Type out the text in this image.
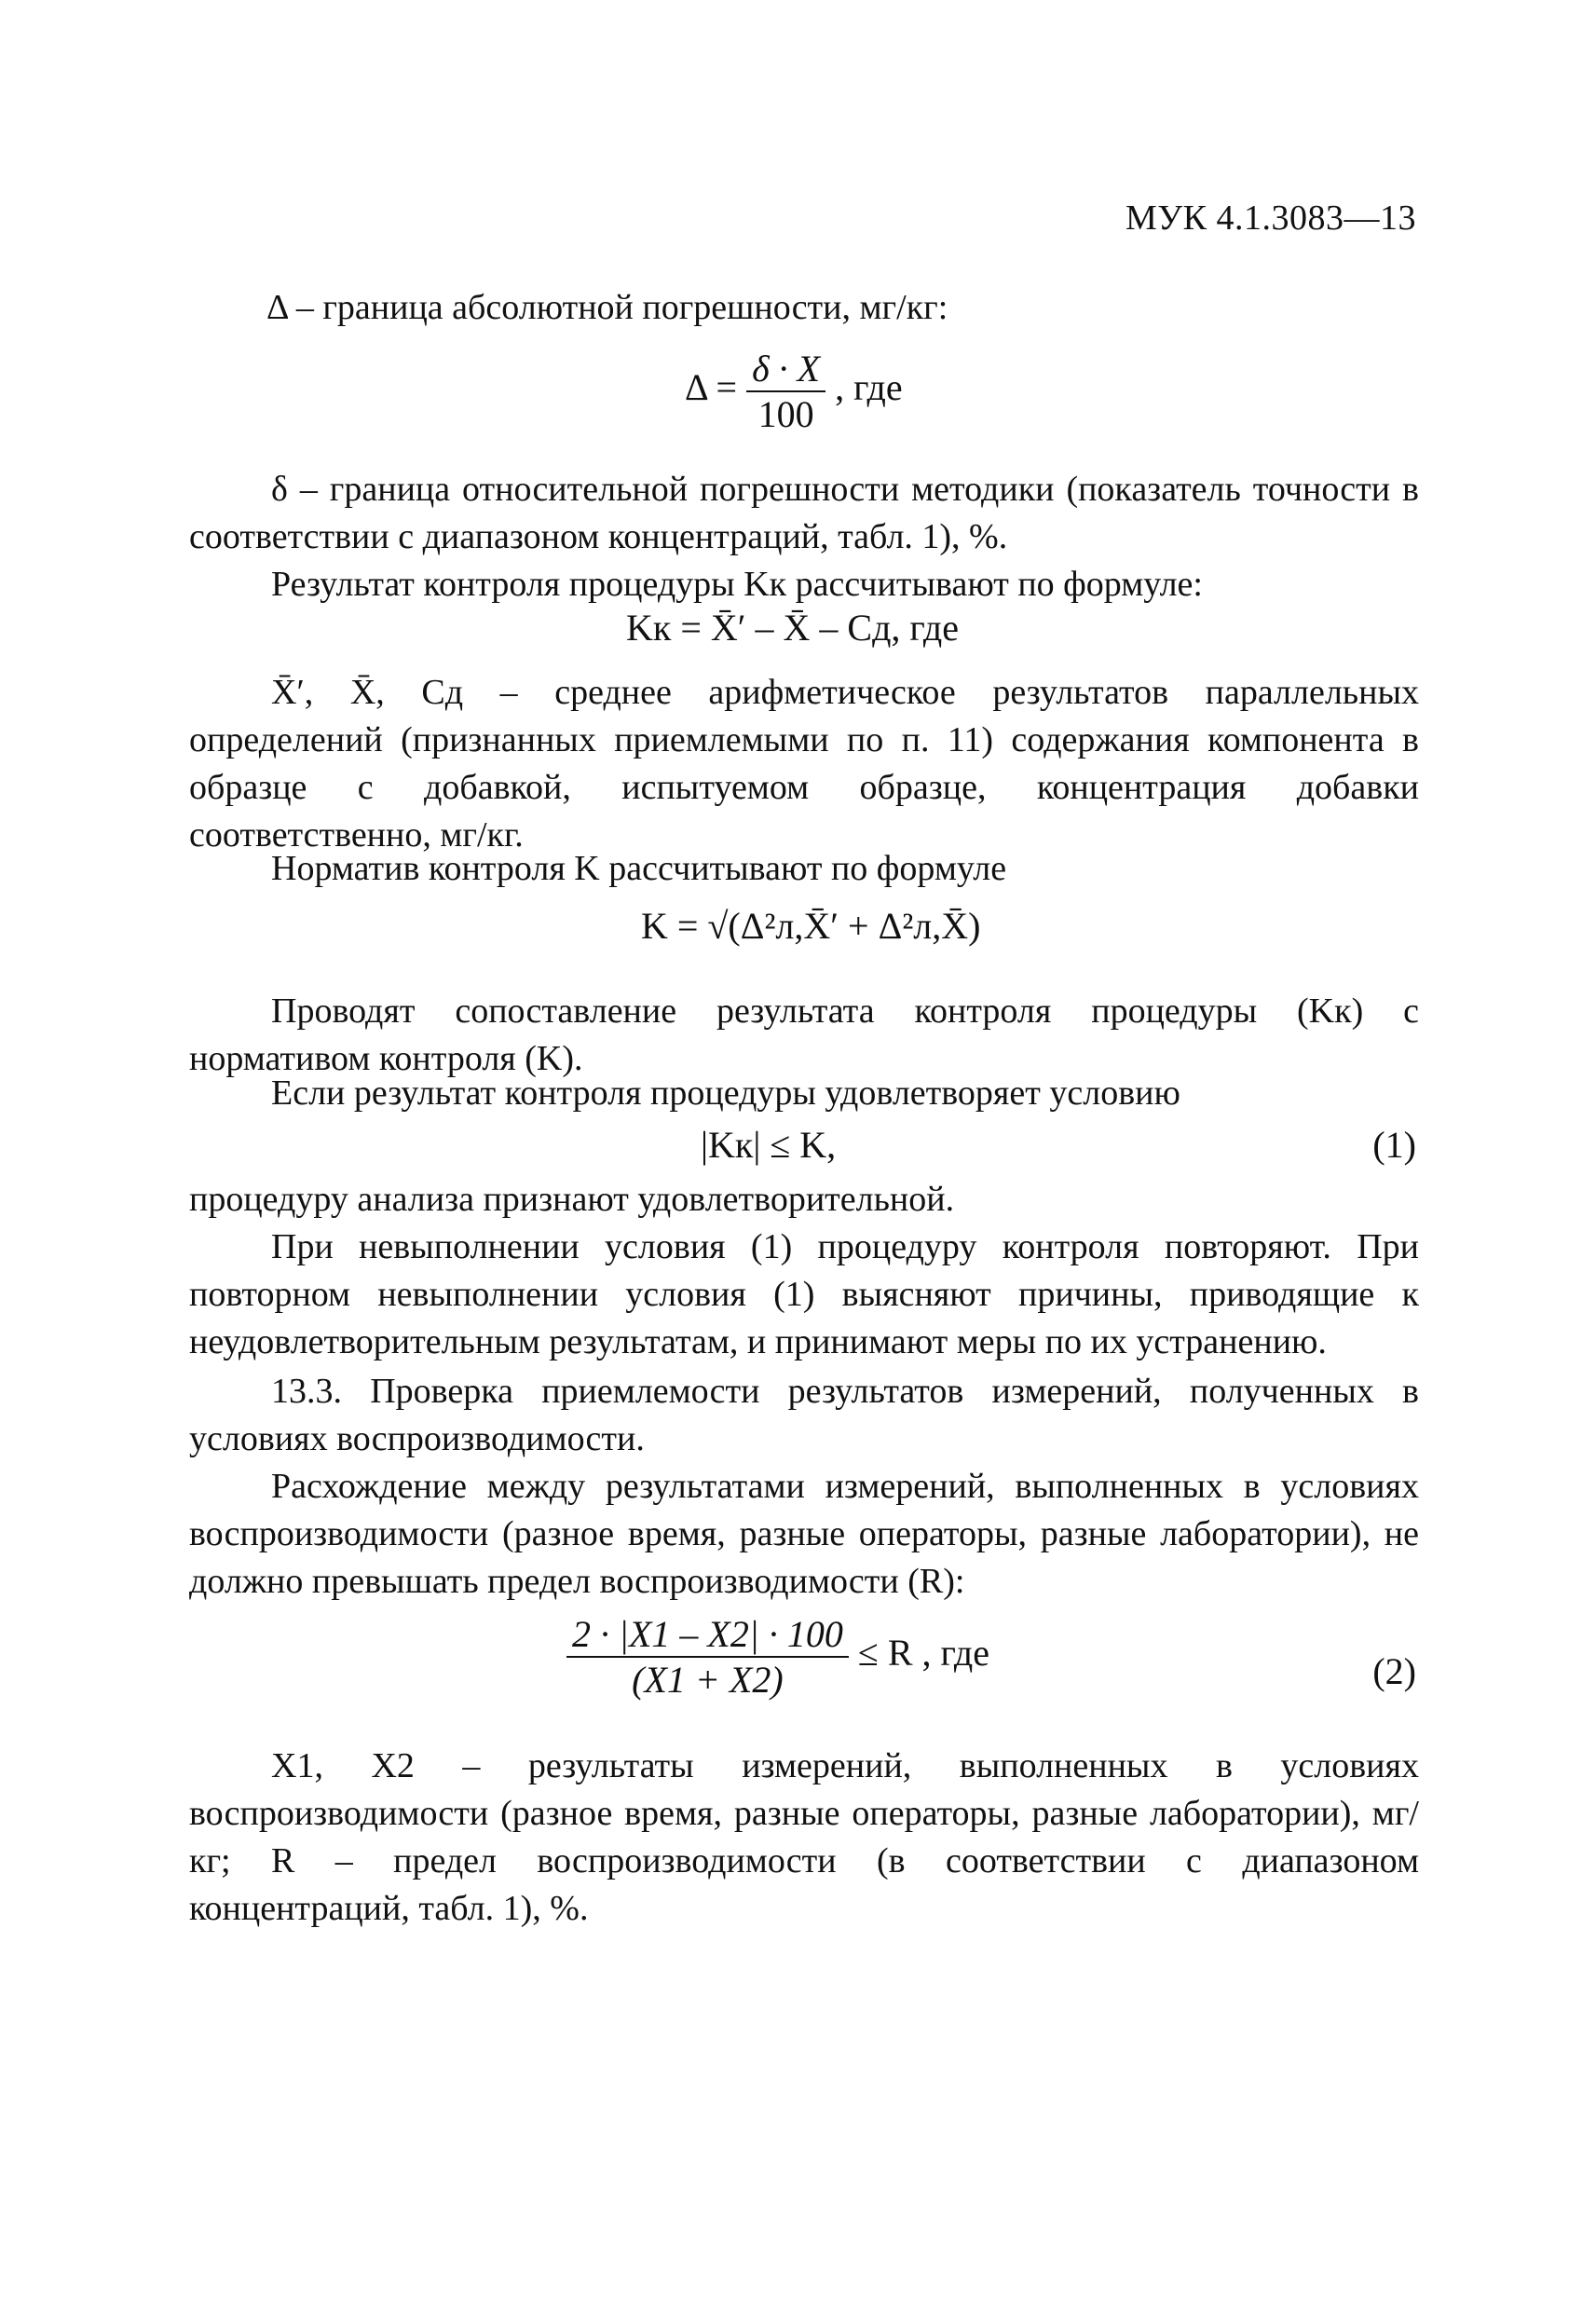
МУК 4.1.3083—13
Δ – граница абсолютной погрешности, мг/кг:
$\Delta = \frac{\delta \cdot X}{100}$ , где
δ – граница относительной погрешности методики (показатель точности в соответствии с диапазоном концентраций, табл. 1), %.
Результат контроля процедуры Kк рассчитывают по формуле:
Kк = X̄′ – X̄ – Cд, где
X̄′, X̄, Cд – среднее арифметическое результатов параллельных определений (признанных приемлемыми по п. 11) содержания компонента в образце с добавкой, испытуемом образце, концентрация добавки соответственно, мг/кг.
Норматив контроля K рассчитывают по формуле
K = √(Δ²л,X̄′ + Δ²л,X̄)
Проводят сопоставление результата контроля процедуры (Kк) с нормативом контроля (K).
Если результат контроля процедуры удовлетворяет условию
|Kк| ≤ K,	(1)
процедуру анализа признают удовлетворительной.
При невыполнении условия (1) процедуру контроля повторяют. При повторном невыполнении условия (1) выясняют причины, приводящие к неудовлетворительным результатам, и принимают меры по их устранению.
13.3. Проверка приемлемости результатов измерений, полученных в условиях воспроизводимости.
Расхождение между результатами измерений, выполненных в условиях воспроизводимости (разное время, разные операторы, разные лаборатории), не должно превышать предел воспроизводимости (R):
$\frac{2 \cdot |X1 - X2| \cdot 100}{(X1 + X2)} \le R$ , где	(2)
X1, X2 – результаты измерений, выполненных в условиях воспроизводимости (разное время, разные операторы, разные лаборатории), мг/кг;	R – предел воспроизводимости (в соответствии с диапазоном концентраций, табл. 1), %.
